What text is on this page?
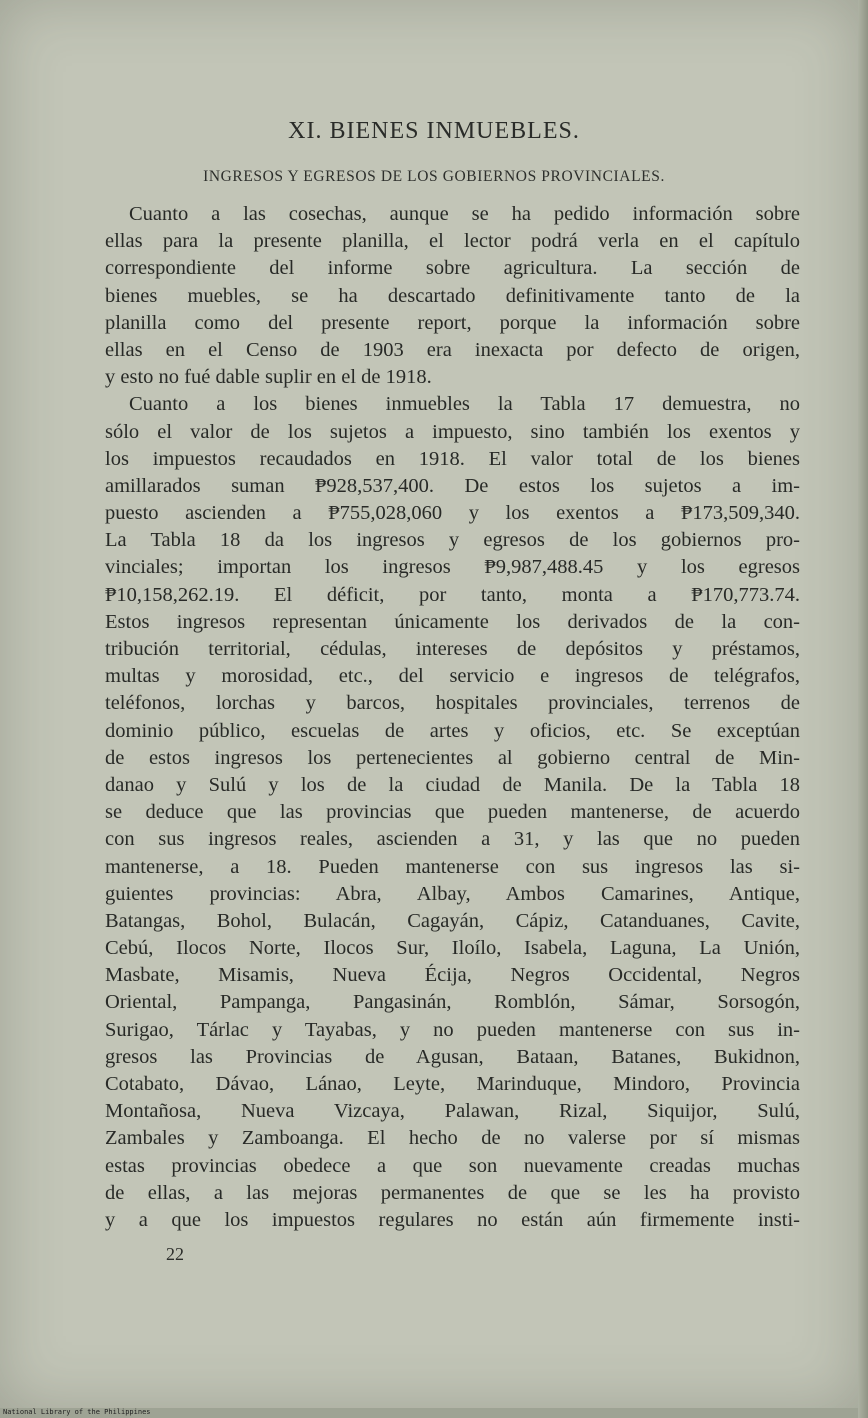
XI. BIENES INMUEBLES.
INGRESOS Y EGRESOS DE LOS GOBIERNOS PROVINCIALES.
Cuanto a las cosechas, aunque se ha pedido información sobre
ellas para la presente planilla, el lector podrá verla en el capítulo
correspondiente del informe sobre agricultura. La sección de
bienes muebles, se ha descartado definitivamente tanto de la
planilla como del presente report, porque la información sobre
ellas en el Censo de 1903 era inexacta por defecto de origen,
y esto no fué dable suplir en el de 1918.
Cuanto a los bienes inmuebles la Tabla 17 demuestra, no
sólo el valor de los sujetos a impuesto, sino también los exentos y
los impuestos recaudados en 1918. El valor total de los bienes
amillarados suman ₱928,537,400. De estos los sujetos a im-
puesto ascienden a ₱755,028,060 y los exentos a ₱173,509,340.
La Tabla 18 da los ingresos y egresos de los gobiernos pro-
vinciales; importan los ingresos ₱9,987,488.45 y los egresos
₱10,158,262.19. El déficit, por tanto, monta a ₱170,773.74.
Estos ingresos representan únicamente los derivados de la con-
tribución territorial, cédulas, intereses de depósitos y préstamos,
multas y morosidad, etc., del servicio e ingresos de telégrafos,
teléfonos, lorchas y barcos, hospitales provinciales, terrenos de
dominio público, escuelas de artes y oficios, etc. Se exceptúan
de estos ingresos los pertenecientes al gobierno central de Min-
danao y Sulú y los de la ciudad de Manila. De la Tabla 18
se deduce que las provincias que pueden mantenerse, de acuerdo
con sus ingresos reales, ascienden a 31, y las que no pueden
mantenerse, a 18. Pueden mantenerse con sus ingresos las si-
guientes provincias: Abra, Albay, Ambos Camarines, Antique,
Batangas, Bohol, Bulacán, Cagayán, Cápiz, Catanduanes, Cavite,
Cebú, Ilocos Norte, Ilocos Sur, Iloílo, Isabela, Laguna, La Unión,
Masbate, Misamis, Nueva Écija, Negros Occidental, Negros
Oriental, Pampanga, Pangasinán, Romblón, Sámar, Sorsogón,
Surigao, Tárlac y Tayabas, y no pueden mantenerse con sus in-
gresos las Provincias de Agusan, Bataan, Batanes, Bukidnon,
Cotabato, Dávao, Lánao, Leyte, Marinduque, Mindoro, Provincia
Montañosa, Nueva Vizcaya, Palawan, Rizal, Siquijor, Sulú,
Zambales y Zamboanga. El hecho de no valerse por sí mismas
estas provincias obedece a que son nuevamente creadas muchas
de ellas, a las mejoras permanentes de que se les ha provisto
y a que los impuestos regulares no están aún firmemente insti-
22
National Library of the Philippines
